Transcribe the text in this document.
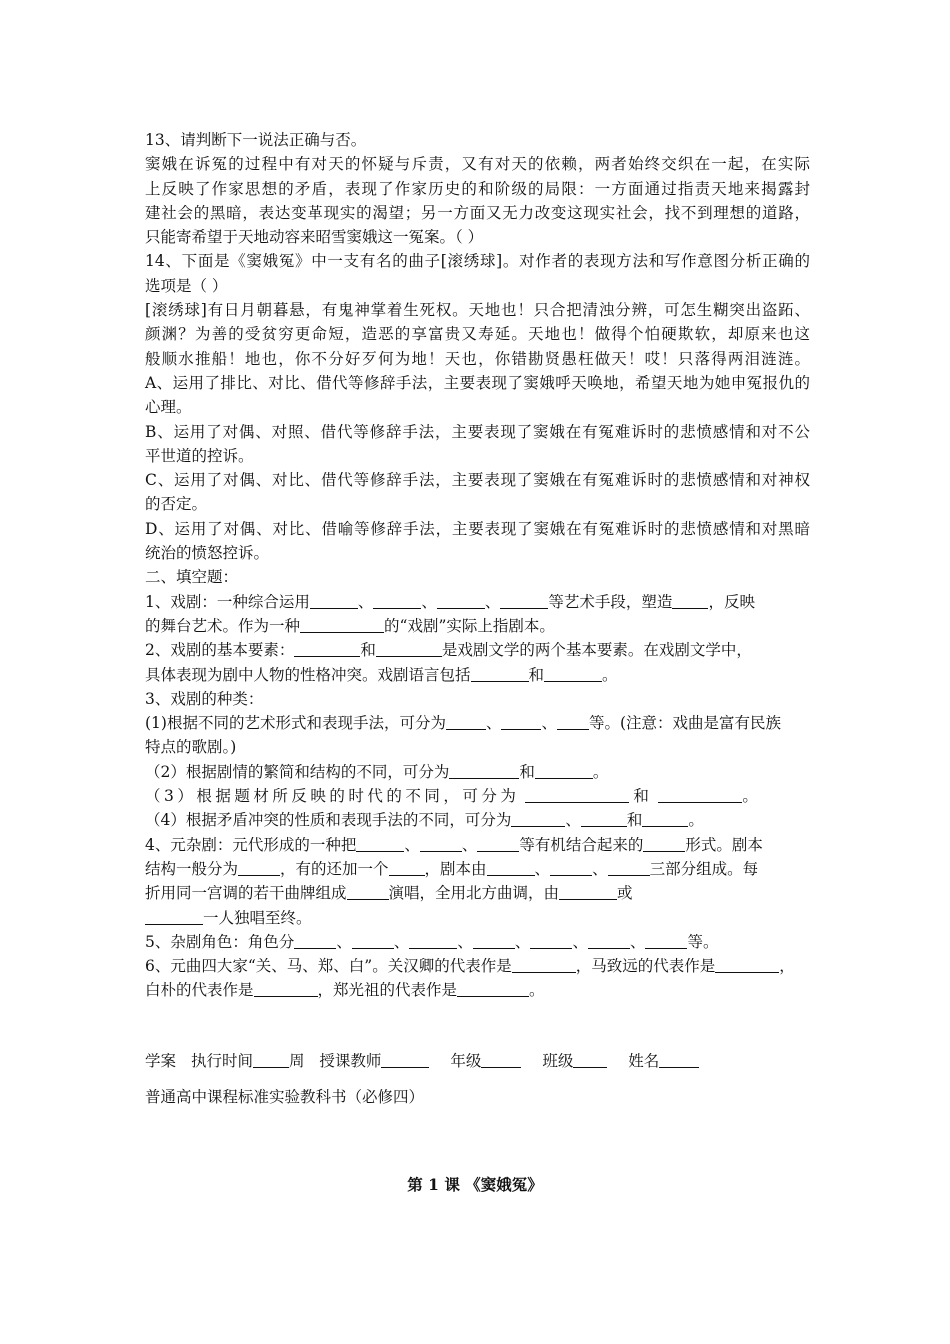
13、请判断下一说法正确与否。
窦娥在诉冤的过程中有对天的怀疑与斥责，又有对天的依赖，两者始终交织在一起，在实际
上反映了作家思想的矛盾，表现了作家历史的和阶级的局限：一方面通过指责天地来揭露封
建社会的黑暗，表达变革现实的渴望；另一方面又无力改变这现实社会，找不到理想的道路，
只能寄希望于天地动容来昭雪窦娥这一冤案。（ ）
14、下面是《窦娥冤》中一支有名的曲子[滚绣球]。对作者的表现方法和写作意图分析正确的
选项是（ ）
[滚绣球]有日月朝暮悬，有鬼神掌着生死权。天地也！只合把清浊分辨，可怎生糊突出盗跖、
颜渊？为善的受贫穷更命短，造恶的享富贵又寿延。天地也！做得个怕硬欺软，却原来也这
般顺水推船！地也，你不分好歹何为地！天也，你错勘贤愚枉做天！哎！只落得两泪涟涟。
A、运用了排比、对比、借代等修辞手法，主要表现了窦娥呼天唤地，希望天地为她申冤报仇的
心理。
B、运用了对偶、对照、借代等修辞手法，主要表现了窦娥在有冤难诉时的悲愤感情和对不公
平世道的控诉。
C、运用了对偶、对比、借代等修辞手法，主要表现了窦娥在有冤难诉时的悲愤感情和对神权
的否定。
D、运用了对偶、对比、借喻等修辞手法，主要表现了窦娥在有冤难诉时的悲愤感情和对黑暗
统治的愤怒控诉。
二、填空题：
1、戏剧：一种综合运用	、	、	、	等艺术手段，塑造 ，反映
的舞台艺术。作为一种	的“戏剧”实际上指剧本。
2、戏剧的基本要素：	和	是戏剧文学的两个基本要素。在戏剧文学中，
具体表现为剧中人物的性格冲突。戏剧语言包括	和	。
3、戏剧的种类：
(1)根据不同的艺术形式和表现手法，可分为	、	、 等。(注意：戏曲是富有民族
特点的歌剧。)
（2）根据剧情的繁简和结构的不同，可分为	和	。
（3）根据题材所反映的时代的不同，可分为	和	。
（4）根据矛盾冲突的性质和表现手法的不同，可分为	、	和	。
4、元杂剧：元代形成的一种把	、	、	等有机结合起来的	形式。剧本
结构一般分为	，有的还加一个 ，剧本由	、	、	三部分组成。每
折用同一宫调的若干曲牌组成	演唱，全用北方曲调，由	或
一人独唱至终。
5、杂剧角色：角色分	、	、	、	、	、	、	等。
6、元曲四大家“关、马、郑、白”。关汉卿的代表作是	，马致远的代表作是	，
白朴的代表作是	，郑光祖的代表作是	。
学案 执行时间 周 授课教师	年级	班级	姓名
普通高中课程标准实验教科书（必修四）
第 1 课 《窦娥冤》
